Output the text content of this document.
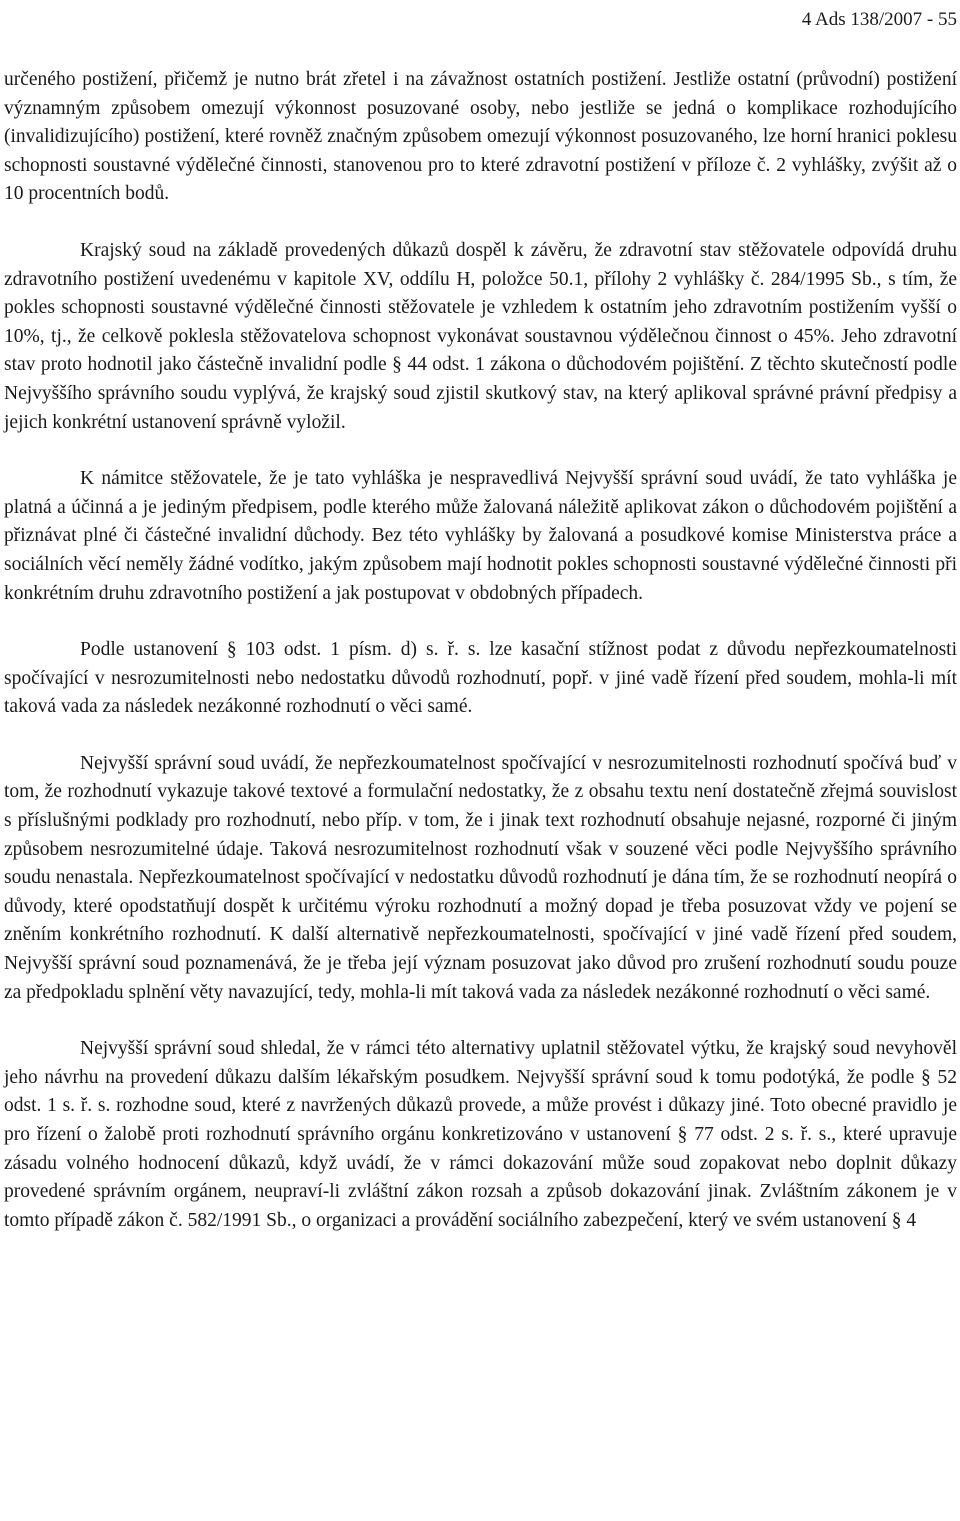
4 Ads 138/2007 - 55

určeného postižení, přičemž je nutno brát zřetel i na závažnost ostatních postižení. Jestliže ostatní (průvodní) postižení významným způsobem omezují výkonnost posuzované osoby, nebo jestliže se jedná o komplikace rozhodujícího (invalidizujícího) postižení, které rovněž značným způsobem omezují výkonnost posuzovaného, lze horní hranici poklesu schopnosti soustavné výdělečné činnosti, stanovenou pro to které zdravotní postižení v příloze č. 2 vyhlášky, zvýšit až o 10 procentních bodů.

Krajský soud na základě provedených důkazů dospěl k závěru, že zdravotní stav stěžovatele odpovídá druhu zdravotního postižení uvedenému v kapitole XV, oddílu H, položce 50.1, přílohy 2 vyhlášky č. 284/1995 Sb., s tím, že pokles schopnosti soustavné výdělečné činnosti stěžovatele je vzhledem k ostatním jeho zdravotním postižením vyšší o 10%, tj., že celkově poklesla stěžovatelova schopnost vykonávat soustavnou výdělečnou činnost o 45%. Jeho zdravotní stav proto hodnotil jako částečně invalidní podle § 44 odst. 1 zákona o důchodovém pojištění. Z těchto skutečností podle Nejvyššího správního soudu vyplývá, že krajský soud zjistil skutkový stav, na který aplikoval správné právní předpisy a jejich konkrétní ustanovení správně vyložil.

K námitce stěžovatele, že je tato vyhláška je nespravedlivá Nejvyšší správní soud uvádí, že tato vyhláška je platná a účinná a je jediným předpisem, podle kterého může žalovaná náležitě aplikovat zákon o důchodovém pojištění a přiznávat plné či částečné invalidní důchody. Bez této vyhlášky by žalovaná a posudkové komise Ministerstva práce a sociálních věcí neměly žádné vodítko, jakým způsobem mají hodnotit pokles schopnosti soustavné výdělečné činnosti při konkrétním druhu zdravotního postižení a jak postupovat v obdobných případech.

Podle ustanovení § 103 odst. 1 písm. d) s. ř. s. lze kasační stížnost podat z důvodu nepřezkoumatelnosti spočívající v nesrozumitelnosti nebo nedostatku důvodů rozhodnutí, popř. v jiné vadě řízení před soudem, mohla-li mít taková vada za následek nezákonné rozhodnutí o věci samé.

Nejvyšší správní soud uvádí, že nepřezkoumatelnost spočívající v nesrozumitelnosti rozhodnutí spočívá buď v tom, že rozhodnutí vykazuje takové textové a formulační nedostatky, že z obsahu textu není dostatečně zřejmá souvislost s příslušnými podklady pro rozhodnutí, nebo příp. v tom, že i jinak text rozhodnutí obsahuje nejasné, rozporné či jiným způsobem nesrozumitelné údaje. Taková nesrozumitelnost rozhodnutí však v souzené věci podle Nejvyššího správního soudu nenastala. Nepřezkoumatelnost spočívající v nedostatku důvodů rozhodnutí je dána tím, že se rozhodnutí neopírá o důvody, které opodstatňují dospět k určitému výroku rozhodnutí a možný dopad je třeba posuzovat vždy ve pojení se zněním konkrétního rozhodnutí. K další alternativě nepřezkoumatelnosti, spočívající v jiné vadě řízení před soudem, Nejvyšší správní soud poznamenává, že je třeba její význam posuzovat jako důvod pro zrušení rozhodnutí soudu pouze za předpokladu splnění věty navazující, tedy, mohla-li mít taková vada za následek nezákonné rozhodnutí o věci samé.

Nejvyšší správní soud shledal, že v rámci této alternativy uplatnil stěžovatel výtku, že krajský soud nevyhověl jeho návrhu na provedení důkazu dalším lékařským posudkem. Nejvyšší správní soud k tomu podotýká, že podle § 52 odst. 1 s. ř. s. rozhodne soud, které z navržených důkazů provede, a může provést i důkazy jiné. Toto obecné pravidlo je pro řízení o žalobě proti rozhodnutí správního orgánu konkretizováno v ustanovení § 77 odst. 2 s. ř. s., které upravuje zásadu volného hodnocení důkazů, když uvádí, že v rámci dokazování může soud zopakovat nebo doplnit důkazy provedené správním orgánem, neupraví-li zvláštní zákon rozsah a způsob dokazování jinak. Zvláštním zákonem je v tomto případě zákon č. 582/1991 Sb., o organizaci a provádění sociálního zabezpečení, který ve svém ustanovení § 4
